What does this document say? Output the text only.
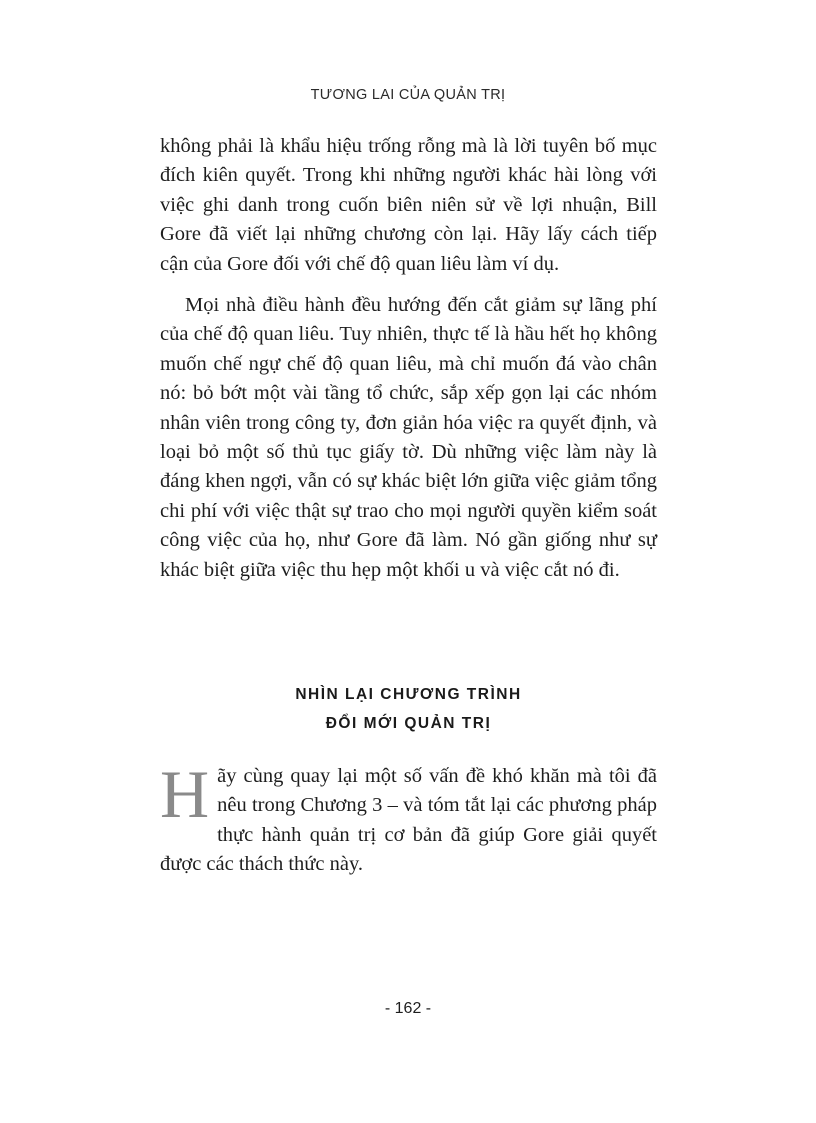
TƯƠNG LAI CỦA QUẢN TRỊ

không phải là khẩu hiệu trống rỗng mà là lời tuyên bố mục đích kiên quyết. Trong khi những người khác hài lòng với việc ghi danh trong cuốn biên niên sử về lợi nhuận, Bill Gore đã viết lại những chương còn lại. Hãy lấy cách tiếp cận của Gore đối với chế độ quan liêu làm ví dụ.

Mọi nhà điều hành đều hướng đến cắt giảm sự lãng phí của chế độ quan liêu. Tuy nhiên, thực tế là hầu hết họ không muốn chế ngự chế độ quan liêu, mà chỉ muốn đá vào chân nó: bỏ bớt một vài tầng tổ chức, sắp xếp gọn lại các nhóm nhân viên trong công ty, đơn giản hóa việc ra quyết định, và loại bỏ một số thủ tục giấy tờ. Dù những việc làm này là đáng khen ngợi, vẫn có sự khác biệt lớn giữa việc giảm tổng chi phí với việc thật sự trao cho mọi người quyền kiểm soát công việc của họ, như Gore đã làm. Nó gần giống như sự khác biệt giữa việc thu hẹp một khối u và việc cắt nó đi.

NHÌN LẠI CHƯƠNG TRÌNH
ĐỔI MỚI QUẢN TRỊ
Hãy cùng quay lại một số vấn đề khó khăn mà tôi đã nêu trong Chương 3 – và tóm tắt lại các phương pháp thực hành quản trị cơ bản đã giúp Gore giải quyết được các thách thức này.
- 162 -
